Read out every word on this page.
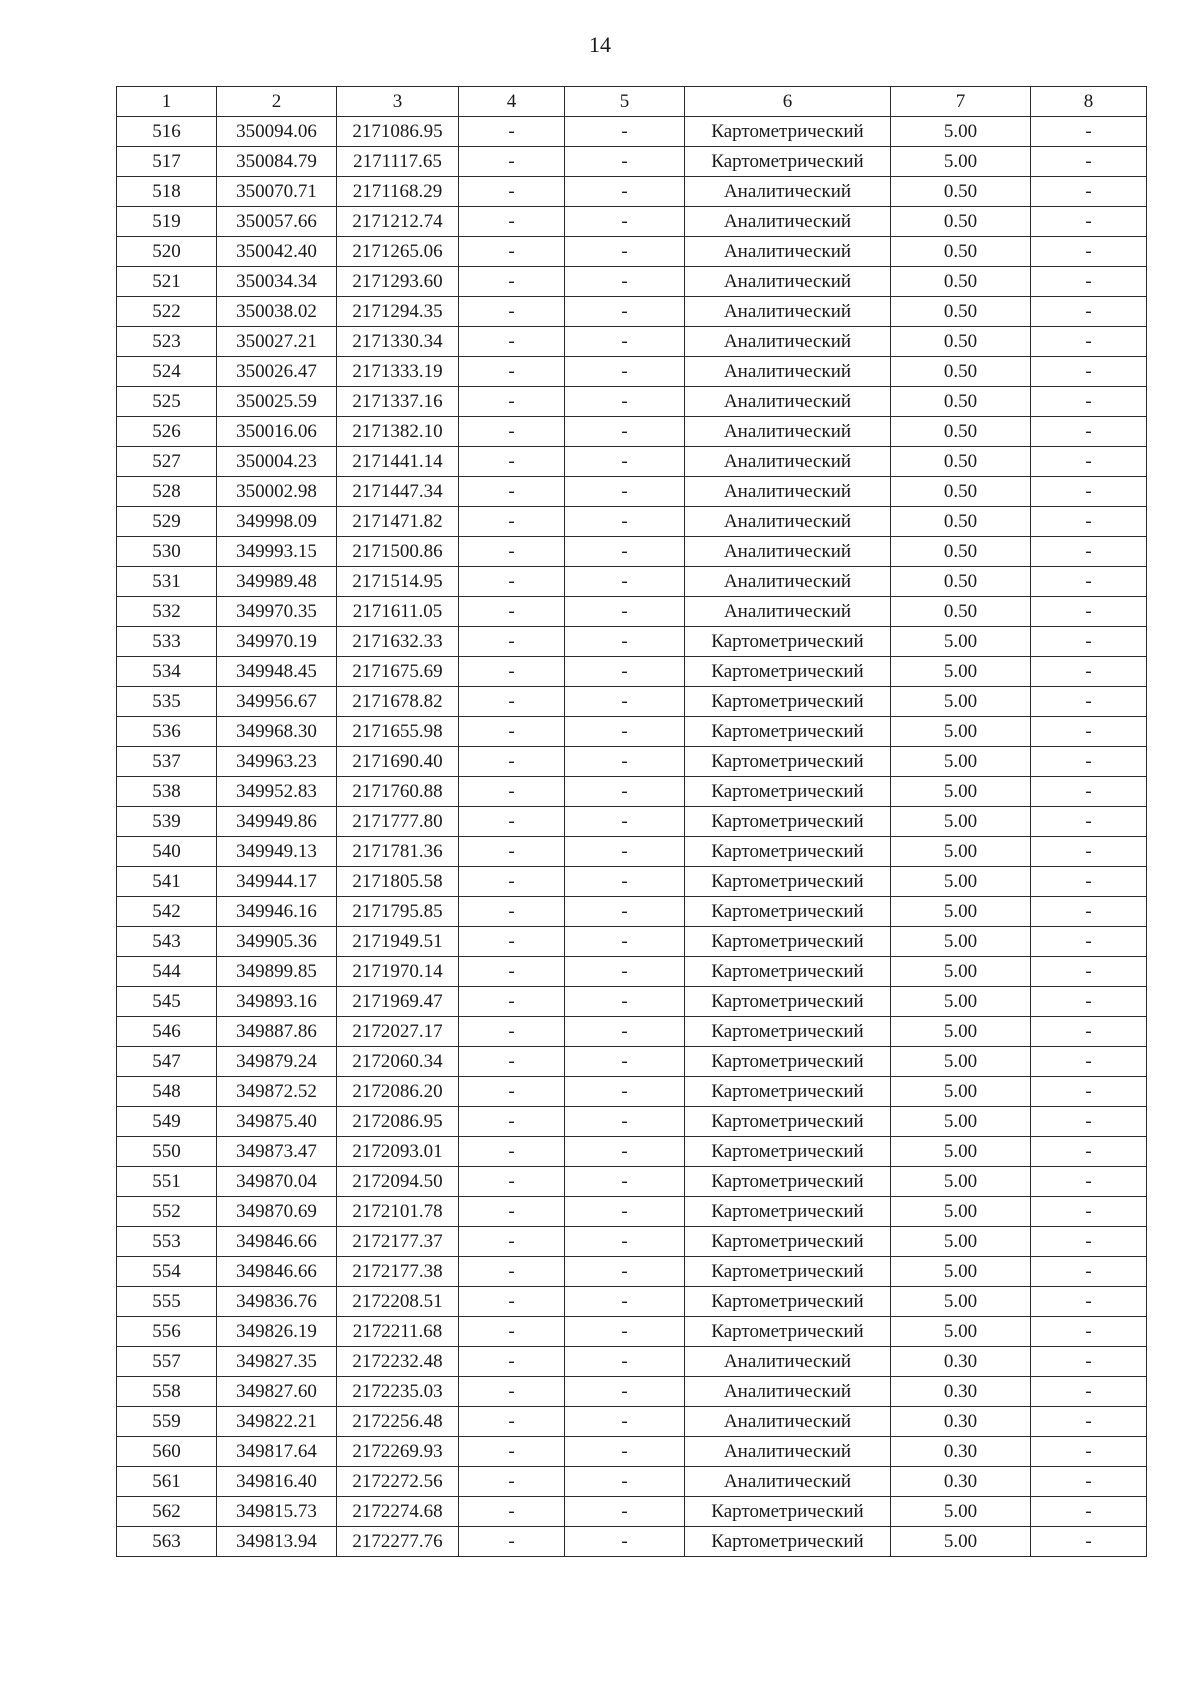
14
1	2	3	4	5	6	7	8
516	350094.06	2171086.95	-	-	Картометрический	5.00	-
517	350084.79	2171117.65	-	-	Картометрический	5.00	-
518	350070.71	2171168.29	-	-	Аналитический	0.50	-
519	350057.66	2171212.74	-	-	Аналитический	0.50	-
520	350042.40	2171265.06	-	-	Аналитический	0.50	-
521	350034.34	2171293.60	-	-	Аналитический	0.50	-
522	350038.02	2171294.35	-	-	Аналитический	0.50	-
523	350027.21	2171330.34	-	-	Аналитический	0.50	-
524	350026.47	2171333.19	-	-	Аналитический	0.50	-
525	350025.59	2171337.16	-	-	Аналитический	0.50	-
526	350016.06	2171382.10	-	-	Аналитический	0.50	-
527	350004.23	2171441.14	-	-	Аналитический	0.50	-
528	350002.98	2171447.34	-	-	Аналитический	0.50	-
529	349998.09	2171471.82	-	-	Аналитический	0.50	-
530	349993.15	2171500.86	-	-	Аналитический	0.50	-
531	349989.48	2171514.95	-	-	Аналитический	0.50	-
532	349970.35	2171611.05	-	-	Аналитический	0.50	-
533	349970.19	2171632.33	-	-	Картометрический	5.00	-
534	349948.45	2171675.69	-	-	Картометрический	5.00	-
535	349956.67	2171678.82	-	-	Картометрический	5.00	-
536	349968.30	2171655.98	-	-	Картометрический	5.00	-
537	349963.23	2171690.40	-	-	Картометрический	5.00	-
538	349952.83	2171760.88	-	-	Картометрический	5.00	-
539	349949.86	2171777.80	-	-	Картометрический	5.00	-
540	349949.13	2171781.36	-	-	Картометрический	5.00	-
541	349944.17	2171805.58	-	-	Картометрический	5.00	-
542	349946.16	2171795.85	-	-	Картометрический	5.00	-
543	349905.36	2171949.51	-	-	Картометрический	5.00	-
544	349899.85	2171970.14	-	-	Картометрический	5.00	-
545	349893.16	2171969.47	-	-	Картометрический	5.00	-
546	349887.86	2172027.17	-	-	Картометрический	5.00	-
547	349879.24	2172060.34	-	-	Картометрический	5.00	-
548	349872.52	2172086.20	-	-	Картометрический	5.00	-
549	349875.40	2172086.95	-	-	Картометрический	5.00	-
550	349873.47	2172093.01	-	-	Картометрический	5.00	-
551	349870.04	2172094.50	-	-	Картометрический	5.00	-
552	349870.69	2172101.78	-	-	Картометрический	5.00	-
553	349846.66	2172177.37	-	-	Картометрический	5.00	-
554	349846.66	2172177.38	-	-	Картометрический	5.00	-
555	349836.76	2172208.51	-	-	Картометрический	5.00	-
556	349826.19	2172211.68	-	-	Картометрический	5.00	-
557	349827.35	2172232.48	-	-	Аналитический	0.30	-
558	349827.60	2172235.03	-	-	Аналитический	0.30	-
559	349822.21	2172256.48	-	-	Аналитический	0.30	-
560	349817.64	2172269.93	-	-	Аналитический	0.30	-
561	349816.40	2172272.56	-	-	Аналитический	0.30	-
562	349815.73	2172274.68	-	-	Картометрический	5.00	-
563	349813.94	2172277.76	-	-	Картометрический	5.00	-
